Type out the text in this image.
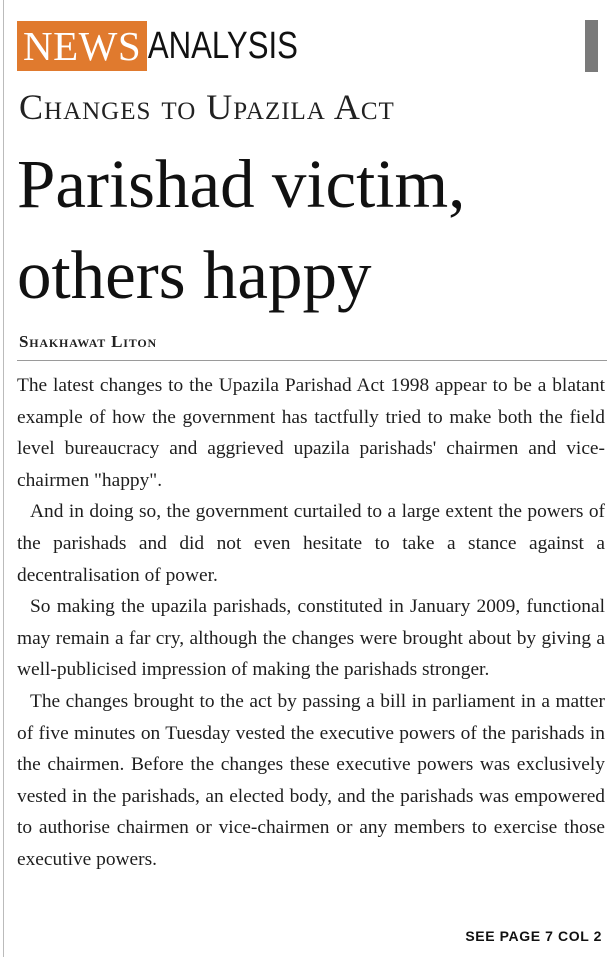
NEWS ANALYSIS
Changes to Upazila Act
Parishad victim, others happy
Shakhawat Liton

The latest changes to the Upazila Parishad Act 1998 appear to be a blatant example of how the government has tactfully tried to make both the field level bureaucracy and aggrieved upazila parishads' chairmen and vice-chairmen "happy".

And in doing so, the government curtailed to a large extent the powers of the parishads and did not even hesitate to take a stance against a decentralisation of power.

So making the upazila parishads, constituted in January 2009, functional may remain a far cry, although the changes were brought about by giving a well-publicised impression of making the parishads stronger.

The changes brought to the act by passing a bill in parliament in a matter of five minutes on Tuesday vested the executive powers of the parishads in the chairmen. Before the changes these executive powers was exclusively vested in the parishads, an elected body, and the parishads was empowered to authorise chairmen or vice-chairmen or any members to exercise those executive powers.

SEE PAGE 7 COL 2
